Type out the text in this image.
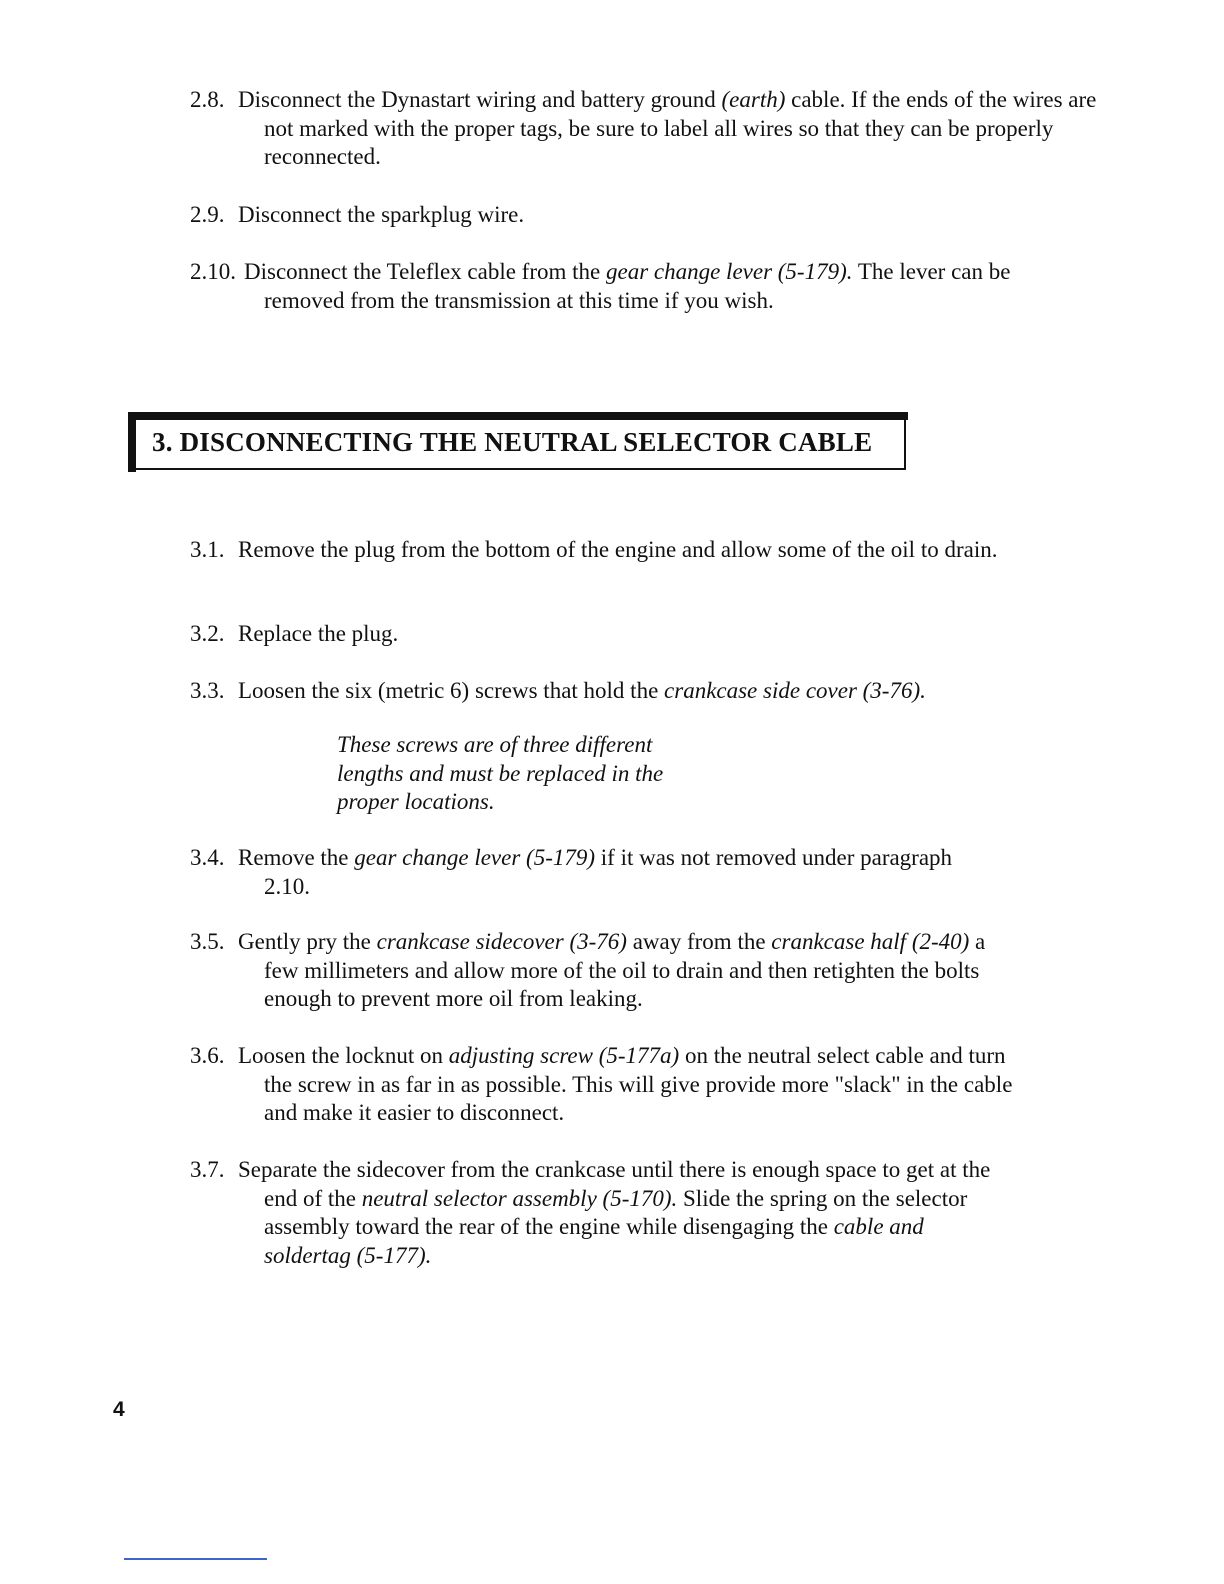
2.8. Disconnect the Dynastart wiring and battery ground (earth) cable. If the ends of the wires are not marked with the proper tags, be sure to label all wires so that they can be properly reconnected.
2.9. Disconnect the sparkplug wire.
2.10. Disconnect the Teleflex cable from the gear change lever (5-179). The lever can be removed from the transmission at this time if you wish.
3. DISCONNECTING THE NEUTRAL SELECTOR CABLE
3.1. Remove the plug from the bottom of the engine and allow some of the oil to drain.
3.2. Replace the plug.
3.3. Loosen the six (metric 6) screws that hold the crankcase side cover (3-76).
These screws are of three different lengths and must be replaced in the proper locations.
3.4. Remove the gear change lever (5-179) if it was not removed under paragraph 2.10.
3.5. Gently pry the crankcase sidecover (3-76) away from the crankcase half (2-40) a few millimeters and allow more of the oil to drain and then retighten the bolts enough to prevent more oil from leaking.
3.6. Loosen the locknut on adjusting screw (5-177a) on the neutral select cable and turn the screw in as far in as possible. This will give provide more "slack" in the cable and make it easier to disconnect.
3.7. Separate the sidecover from the crankcase until there is enough space to get at the end of the neutral selector assembly (5-170). Slide the spring on the selector assembly toward the rear of the engine while disengaging the cable and soldertag (5-177).
4
